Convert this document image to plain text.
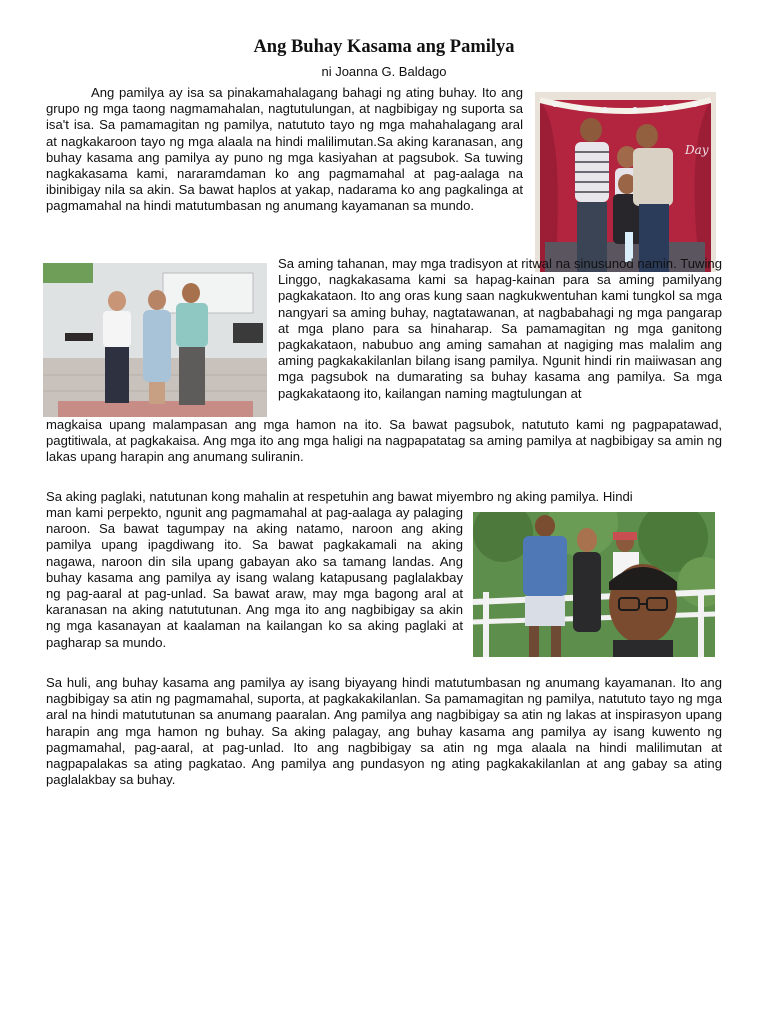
Ang Buhay Kasama ang Pamilya

ni Joanna G. Baldago

Day

Ang pamilya ay isa sa pinakamahalagang bahagi ng ating buhay. Ito ang grupo ng mga taong nagmamahalan, nagtutulungan, at nagbibigay ng suporta sa isa't isa. Sa pamamagitan ng pamilya, natututo tayo ng mga mahahalagang aral at nagkakaroon tayo ng mga alaala na hindi malilimutan.Sa aking karanasan, ang buhay kasama ang pamilya ay puno ng mga kasiyahan at pagsubok. Sa tuwing nagkakasama kami, nararamdaman ko ang pagmamahal at pag-aalaga na ibinibigay nila sa akin. Sa bawat haplos at yakap, nadarama ko ang pagkalinga at pagmamahal na hindi matutumbasan ng anumang kayamanan sa mundo.

Sa aming tahanan, may mga tradisyon at ritwal na sinusunod namin. Tuwing Linggo, nagkakasama kami sa hapag-kainan para sa aming pamilyang pagkakataon. Ito ang oras kung saan nagkukwentuhan kami tungkol sa mga nangyari sa aming buhay, nagtatawanan, at nagbabahagi ng mga pangarap at mga plano para sa hinaharap. Sa pamamagitan ng mga ganitong pagkakataon, nabubuo ang aming samahan at nagiging mas malalim ang aming pagkakakilanlan bilang isang pamilya. Ngunit hindi rin maiiwasan ang mga pagsubok na dumarating sa buhay kasama ang pamilya. Sa mga pagkakataong ito, kailangan naming magtulungan at

magkaisa upang malampasan ang mga hamon na ito. Sa bawat pagsubok, natututo kami ng pagpapatawad, pagtitiwala, at pagkakaisa. Ang mga ito ang mga haligi na nagpapatatag sa aming pamilya at nagbibigay sa amin ng lakas upang harapin ang anumang suliranin.

Sa aking paglaki, natutunan kong mahalin at respetuhin ang bawat miyembro ng aking pamilya. Hindi

man kami perpekto, ngunit ang pagmamahal at pag-aalaga ay palaging naroon. Sa bawat tagumpay na aking natamo, naroon ang aking pamilya upang ipagdiwang ito. Sa bawat pagkakamali na aking nagawa, naroon din sila upang gabayan ako sa tamang landas. Ang buhay kasama ang pamilya ay isang walang katapusang paglalakbay ng pag-aaral at pag-unlad. Sa bawat araw, may mga bagong aral at karanasan na aking natututunan. Ang mga ito ang nagbibigay sa akin ng mga kasanayan at kaalaman na kailangan ko sa aking paglaki at pagharap sa mundo.

Sa huli, ang buhay kasama ang pamilya ay isang biyayang hindi matutumbasan ng anumang kayamanan. Ito ang nagbibigay sa atin ng pagmamahal, suporta, at pagkakakilanlan. Sa pamamagitan ng pamilya, natututo tayo ng mga aral na hindi matututunan sa anumang paaralan. Ang pamilya ang nagbibigay sa atin ng lakas at inspirasyon upang harapin ang mga hamon ng buhay. Sa aking palagay, ang buhay kasama ang pamilya ay isang kuwento ng pagmamahal, pag-aaral, at pag-unlad. Ito ang nagbibigay sa atin ng mga alaala na hindi malilimutan at nagpapalakas sa ating pagkatao. Ang pamilya ang pundasyon ng ating pagkakakilanlan at ang gabay sa ating paglalakbay sa buhay.
